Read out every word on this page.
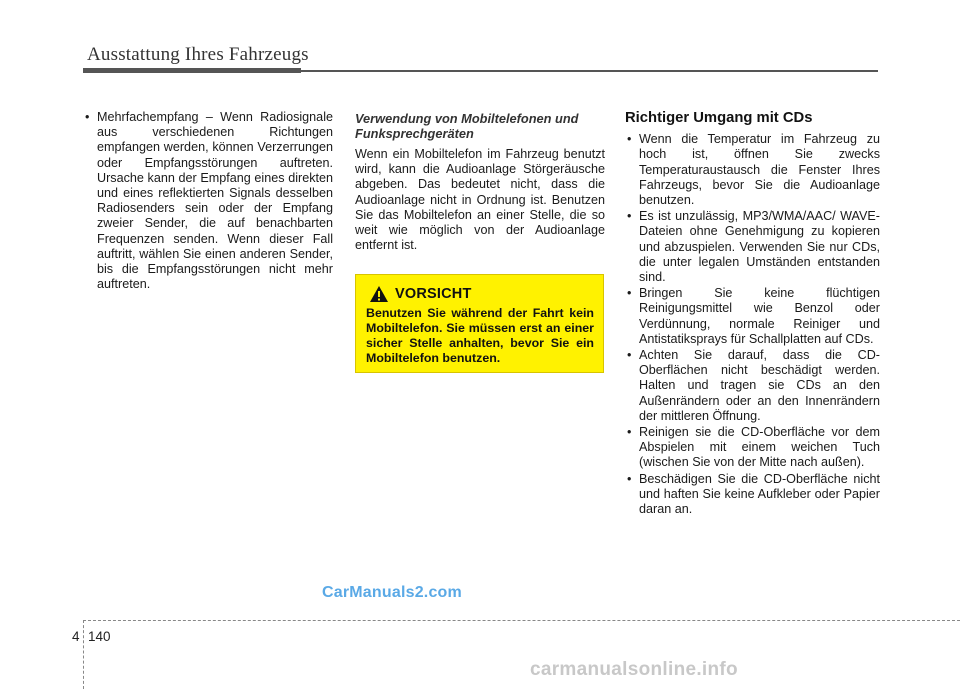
Ausstattung Ihres Fahrzeugs
• Mehrfachempfang – Wenn Radiosignale aus verschiedenen Richtungen empfangen werden, können Verzerrungen oder Empfangsstörungen auftreten. Ursache kann der Empfang eines direkten und eines reflektierten Signals desselben Radiosenders sein oder der Empfang zweier Sender, die auf benachbarten Frequenzen senden. Wenn dieser Fall auftritt, wählen Sie einen anderen Sender, bis die Empfangsstörungen nicht mehr auftreten.
Verwendung von Mobiltelefonen und Funksprechgeräten
Wenn ein Mobiltelefon im Fahrzeug benutzt wird, kann die Audioanlage Störgeräusche abgeben. Das bedeutet nicht, dass die Audioanlage nicht in Ordnung ist. Benutzen Sie das Mobiltelefon an einer Stelle, die so weit wie möglich von der Audioanlage entfernt ist.
VORSICHT
Benutzen Sie während der Fahrt kein Mobiltelefon. Sie müssen erst an einer sicher Stelle anhalten, bevor Sie ein Mobiltelefon benutzen.
Richtiger Umgang mit CDs
• Wenn die Temperatur im Fahrzeug zu hoch ist, öffnen Sie zwecks Temperaturaustausch die Fenster Ihres Fahrzeugs, bevor Sie die Audioanlage benutzen.
• Es ist unzulässig, MP3/WMA/AAC/ WAVE-Dateien ohne Genehmigung zu kopieren und abzuspielen. Verwenden Sie nur CDs, die unter legalen Umständen entstanden sind.
• Bringen Sie keine flüchtigen Reinigungsmittel wie Benzol oder Verdünnung, normale Reiniger und Antistatiksprays für Schallplatten auf CDs.
• Achten Sie darauf, dass die CD-Oberflächen nicht beschädigt werden. Halten und tragen sie CDs an den Außenrändern oder an den Innenrändern der mittleren Öffnung.
• Reinigen sie die CD-Oberfläche vor dem Abspielen mit einem weichen Tuch (wischen Sie von der Mitte nach außen).
• Beschädigen Sie die CD-Oberfläche nicht und haften Sie keine Aufkleber oder Papier daran an.
CarManuals2.com
4 140
carmanualsonline.info
